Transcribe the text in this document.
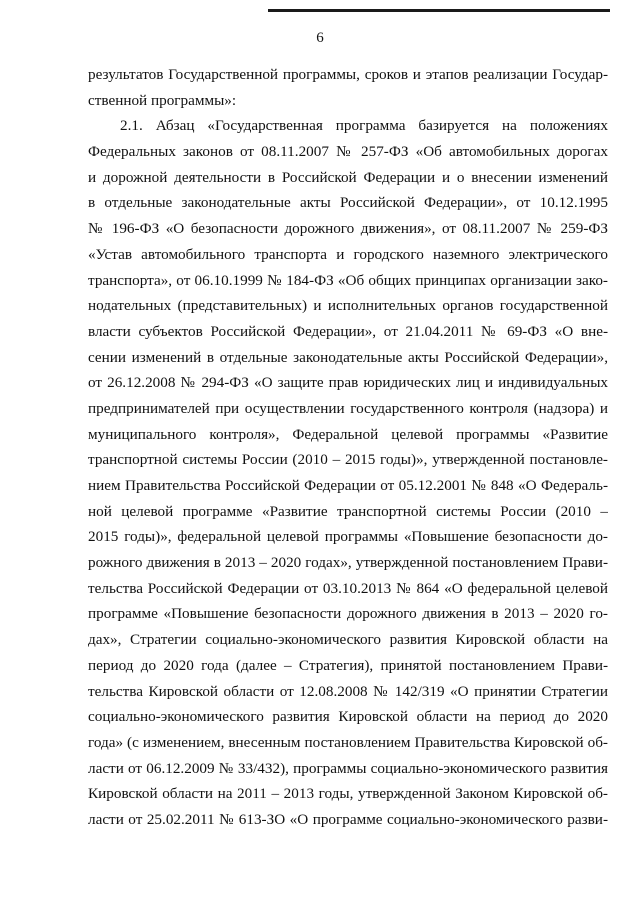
6
результатов Государственной программы, сроков и этапов реализации Государ-
ственной программы»:
2.1. Абзац «Государственная программа базируется на положениях
Федеральных законов от 08.11.2007 № 257-ФЗ «Об автомобильных дорогах
и дорожной деятельности в Российской Федерации и о внесении изменений
в отдельные законодательные акты Российской Федерации», от 10.12.1995
№ 196-ФЗ «О безопасности дорожного движения», от 08.11.2007 № 259-ФЗ
«Устав автомобильного транспорта и городского наземного электрического
транспорта», от 06.10.1999 № 184-ФЗ «Об общих принципах организации зако-
нодательных (представительных) и исполнительных органов государственной
власти субъектов Российской Федерации», от 21.04.2011 № 69-ФЗ «О вне-
сении изменений в отдельные законодательные акты Российской Федерации»,
от 26.12.2008 № 294-ФЗ «О защите прав юридических лиц и индивидуальных
предпринимателей при осуществлении государственного контроля (надзора) и
муниципального контроля», Федеральной целевой программы «Развитие
транспортной системы России (2010 – 2015 годы)», утвержденной постановле-
нием Правительства Российской Федерации от 05.12.2001 № 848 «О Федераль-
ной целевой программе «Развитие транспортной системы России (2010 –
2015 годы)», федеральной целевой программы «Повышение безопасности до-
рожного движения в 2013 – 2020 годах», утвержденной постановлением Прави-
тельства Российской Федерации от 03.10.2013 № 864 «О федеральной целевой
программе «Повышение безопасности дорожного движения в 2013 – 2020 го-
дах», Стратегии социально-экономического развития Кировской области на
период до 2020 года (далее – Стратегия), принятой постановлением Прави-
тельства Кировской области от 12.08.2008 № 142/319 «О принятии Стратегии
социально-экономического развития Кировской области на период до 2020
года» (с изменением, внесенным постановлением Правительства Кировской об-
ласти от 06.12.2009 № 33/432), программы социально-экономического развития
Кировской области на 2011 – 2013 годы, утвержденной Законом Кировской об-
ласти от 25.02.2011 № 613-ЗО «О программе социально-экономического разви-
